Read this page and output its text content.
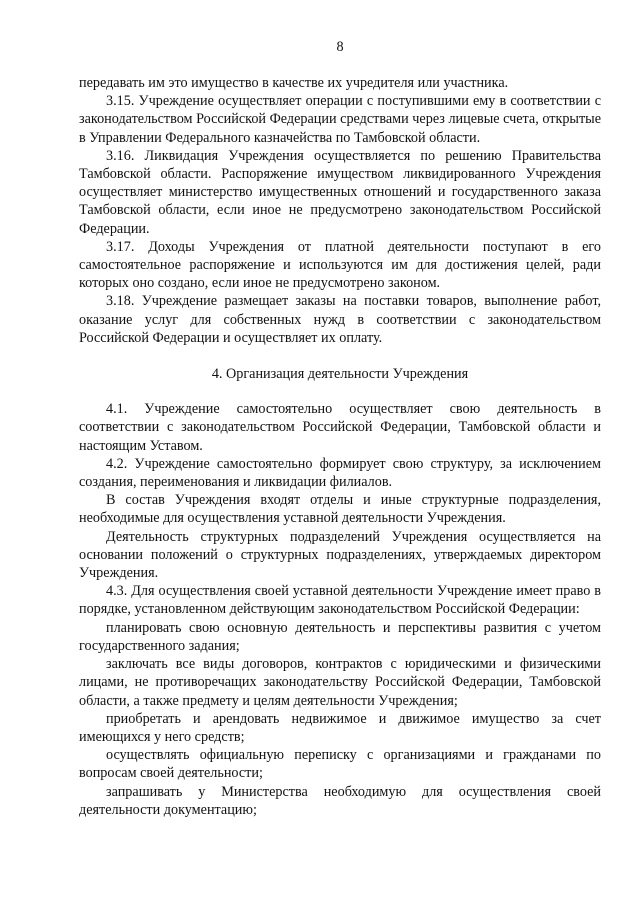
8

передавать им это имущество в качестве их учредителя или участника.

3.15. Учреждение осуществляет операции с поступившими ему в соответствии с законодательством Российской Федерации средствами через лицевые счета, открытые в Управлении Федерального казначейства по Тамбовской области.

3.16. Ликвидация Учреждения осуществляется по решению Правительства Тамбовской области. Распоряжение имуществом ликвидированного Учреждения осуществляет министерство имущественных отношений и государственного заказа Тамбовской области, если иное не предусмотрено законодательством Российской Федерации.

3.17. Доходы Учреждения от платной деятельности поступают в его самостоятельное распоряжение и используются им для достижения целей, ради которых оно создано, если иное не предусмотрено законом.

3.18. Учреждение размещает заказы на поставки товаров, выполнение работ, оказание услуг для собственных нужд в соответствии с законодательством Российской Федерации и осуществляет их оплату.

4. Организация деятельности Учреждения

4.1. Учреждение самостоятельно осуществляет свою деятельность в соответствии с законодательством Российской Федерации, Тамбовской области и настоящим Уставом.

4.2. Учреждение самостоятельно формирует свою структуру, за исключением создания, переименования и ликвидации филиалов.

В состав Учреждения входят отделы и иные структурные подразделения, необходимые для осуществления уставной деятельности Учреждения.

Деятельность структурных подразделений Учреждения осуществляется на основании положений о структурных подразделениях, утверждаемых директором Учреждения.

4.3. Для осуществления своей уставной деятельности Учреждение имеет право в порядке, установленном действующим законодательством Российской Федерации:

планировать свою основную деятельность и перспективы развития с учетом государственного задания;

заключать все виды договоров, контрактов с юридическими и физическими лицами, не противоречащих законодательству Российской Федерации, Тамбовской области, а также предмету и целям деятельности Учреждения;

приобретать и арендовать недвижимое и движимое имущество за счет имеющихся у него средств;

осуществлять официальную переписку с организациями и гражданами по вопросам своей деятельности;

запрашивать у Министерства необходимую для осуществления своей деятельности документацию;
